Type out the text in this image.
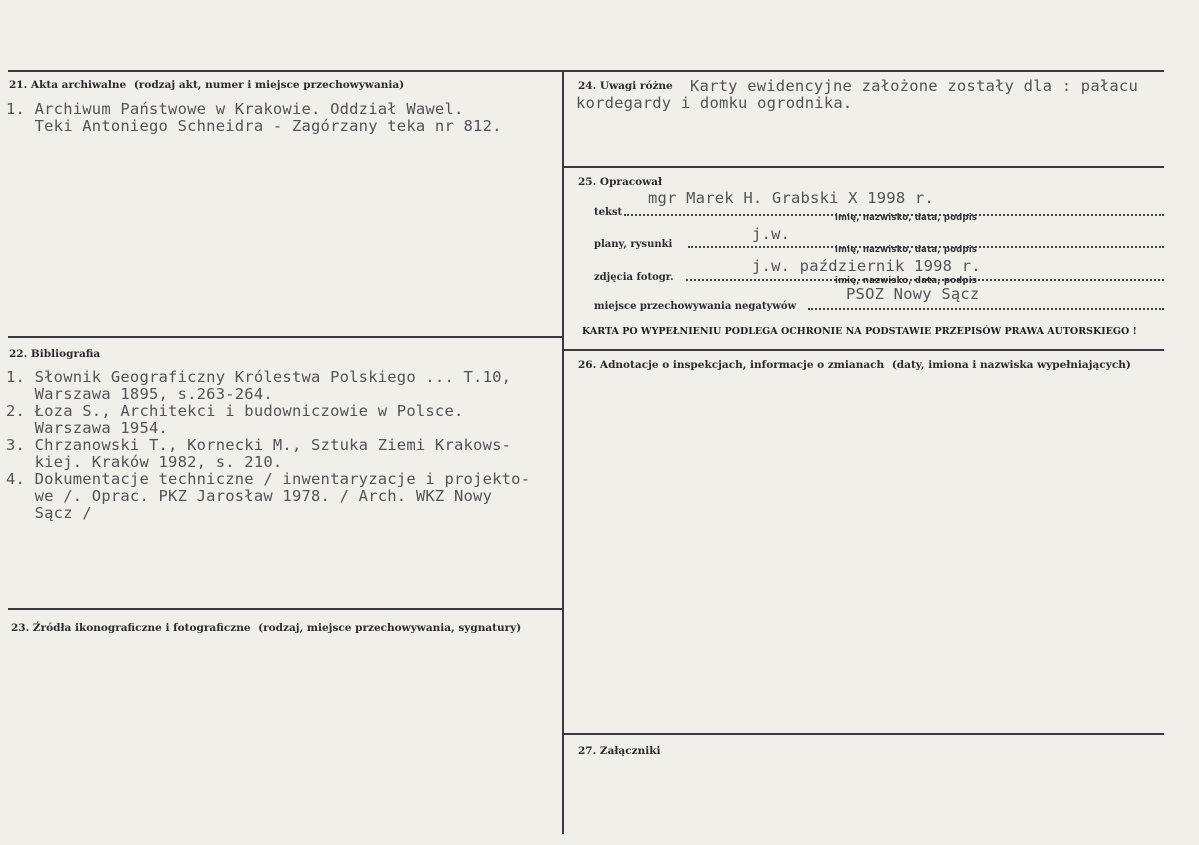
21. Akta archiwalne (rodzaj akt, numer i miejsce przechowywania)
1. Archiwum Państwowe w Krakowie. Oddział Wawel.
Teki Antoniego Schneidra - Zagórzany teka nr 812.
22. Bibliografia
1. Słownik Geograficzny Królestwa Polskiego ... T.10,
Warszawa 1895, s.263-264.
2. Łoza S., Architekci i budowniczowie w Polsce.
Warszawa 1954.
3. Chrzanowski T., Kornecki M., Sztuka Ziemi Krakows-
kiej. Kraków 1982, s. 210.
4. Dokumentacje techniczne / inwentaryzacje i projekto-
we /. Oprac. PKZ Jarosław 1978. / Arch. WKZ Nowy
Sącz /
23. Źródła ikonograficzne i fotograficzne (rodzaj, miejsce przechowywania, sygnatury)
24. Uwagi różne Karty ewidencyjne założone zostały dla : pałacu
kordegardy i domku ogrodnika.
25. Opracował
tekst
mgr Marek H. Grabski X 1998 r.
imię, nazwisko, data, podpis
plany, rysunki
j.w.
imię, nazwisko, data, podpis
zdjęcia fotogr.
j.w. październik 1998 r.
imię, nazwisko, data, podpis
miejsce przechowywania negatywów
PSOZ Nowy Sącz
KARTA PO WYPEŁNIENIU PODLEGA OCHRONIE NA PODSTAWIE PRZEPISÓW PRAWA AUTORSKIEGO !
26. Adnotacje o inspekcjach, informacje o zmianach (daty, imiona i nazwiska wypełniających)
27. Załączniki
